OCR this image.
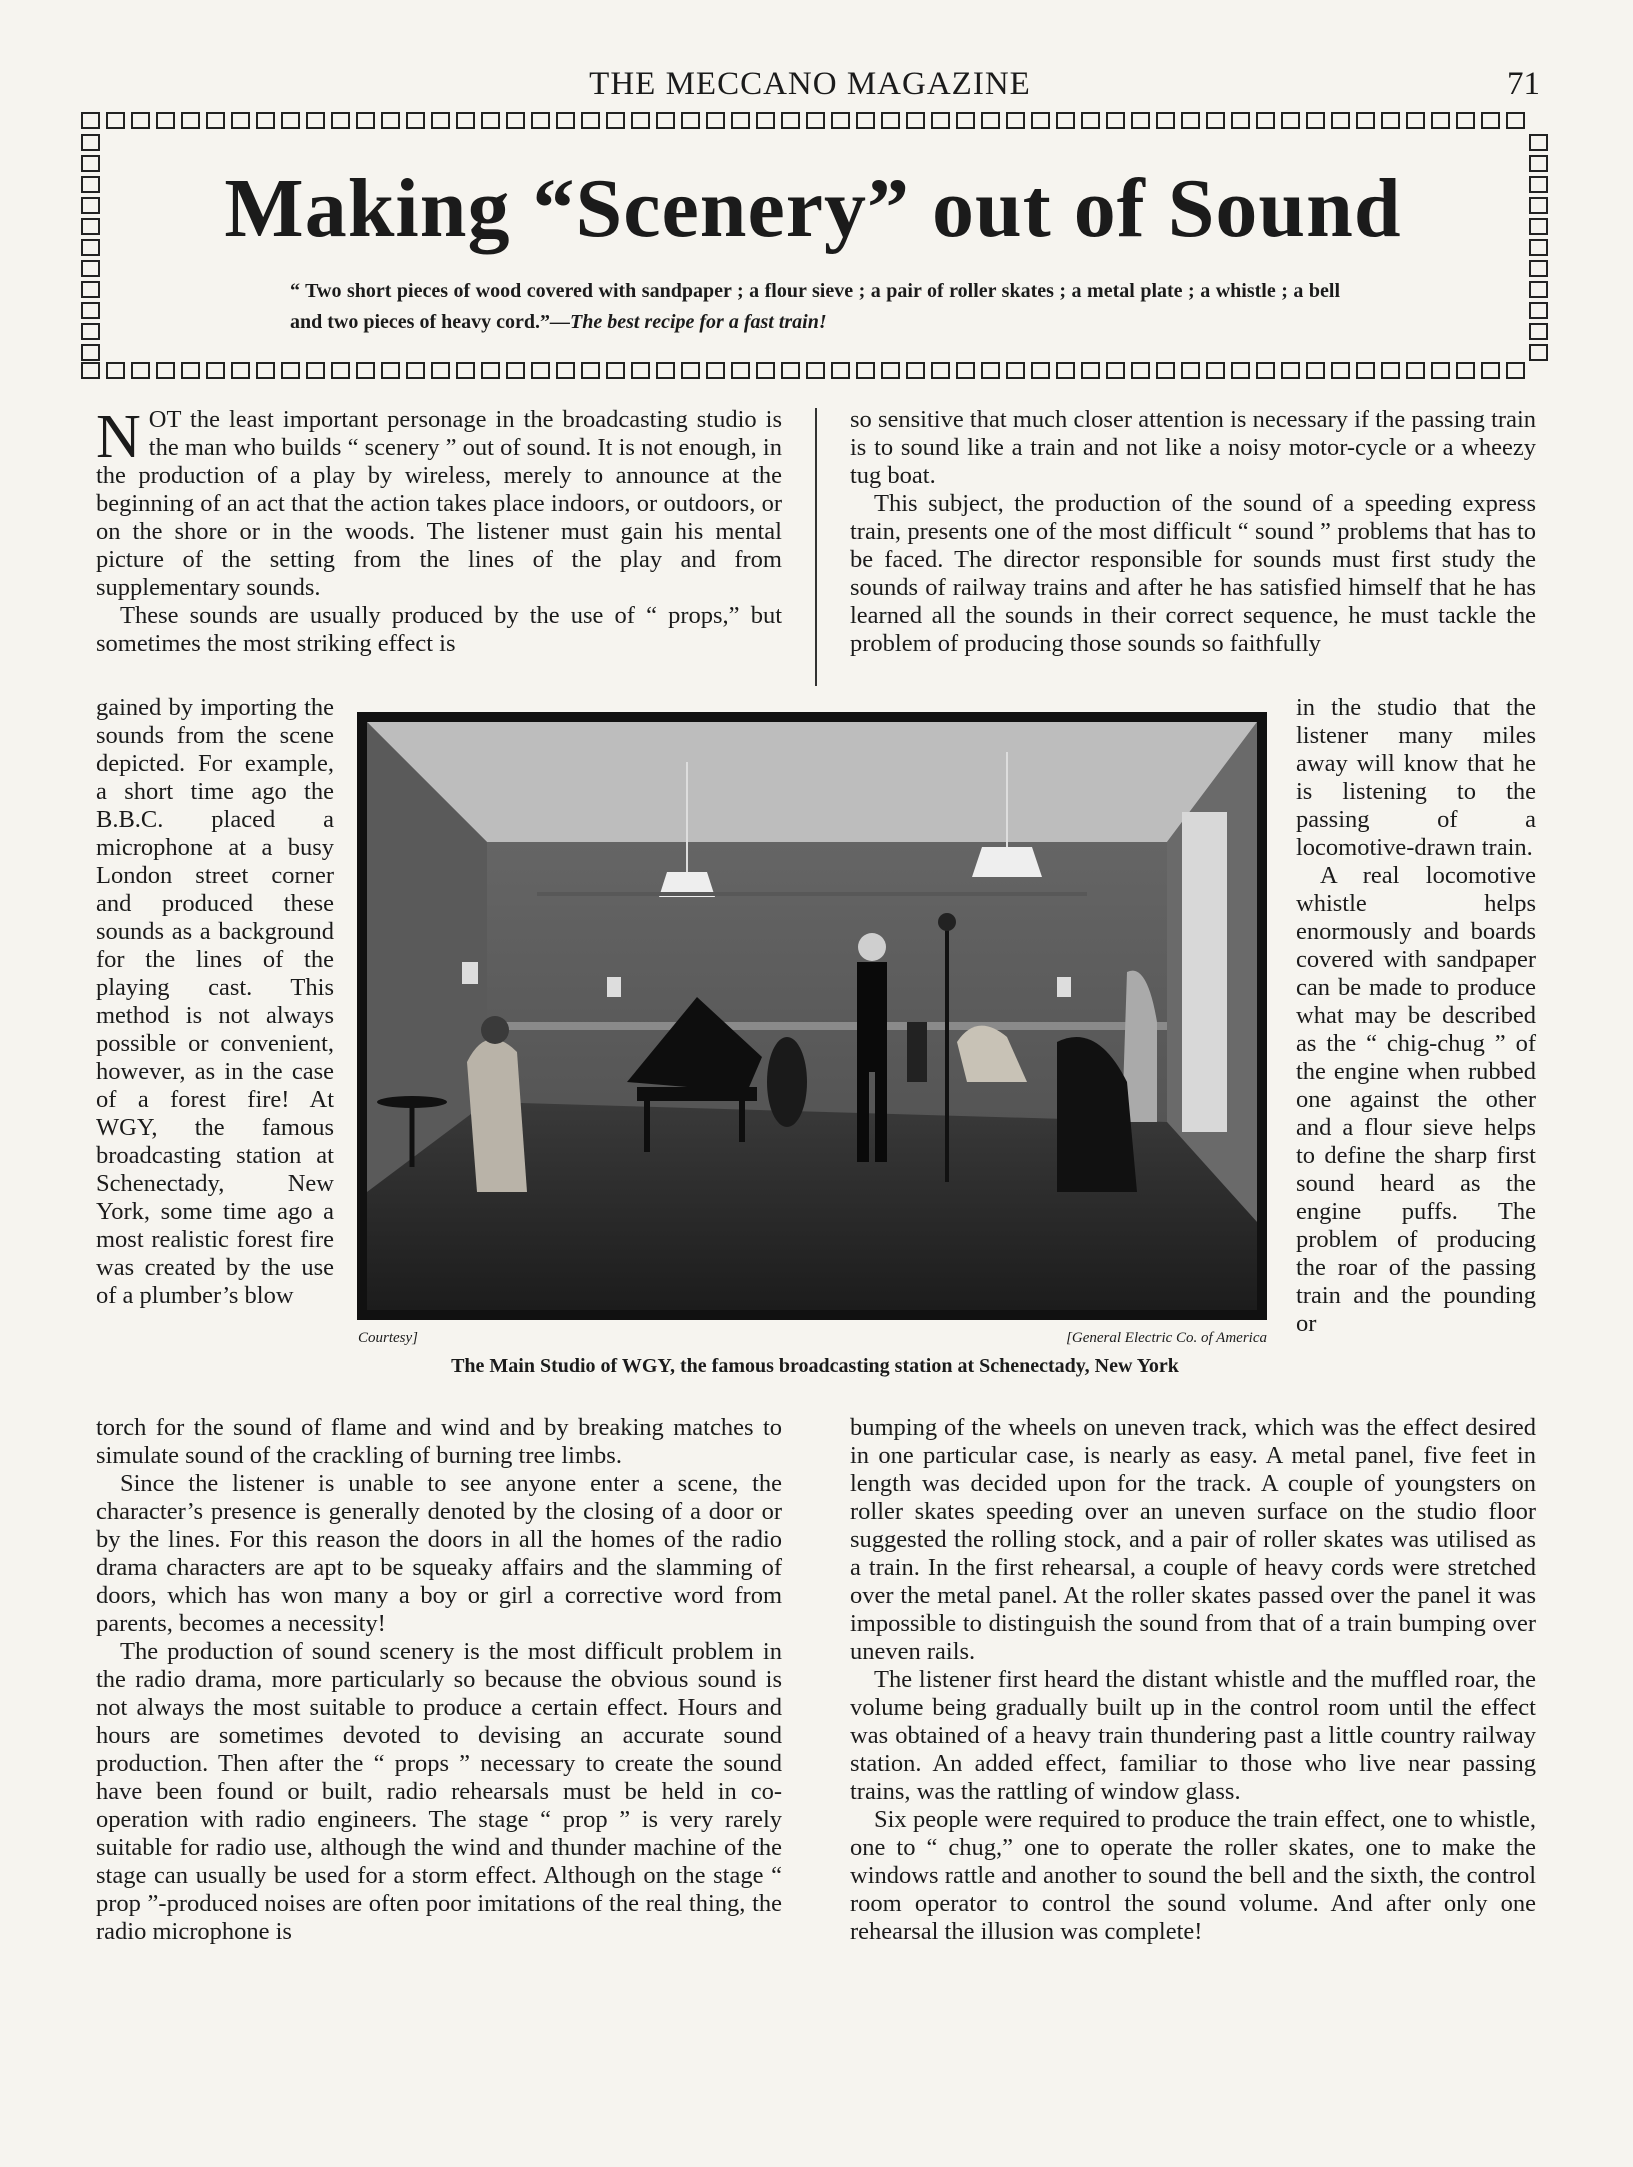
THE MECCANO MAGAZINE	71
Making “Scenery” out of Sound
“ Two short pieces of wood covered with sandpaper ; a flour sieve ; a pair of roller skates ; a metal plate ; a whistle ; a bell and two pieces of heavy cord.”—The best recipe for a fast train!

NOT the least important personage in the broadcasting studio is the man who builds “ scenery ” out of sound. It is not enough, in the production of a play by wireless, merely to announce at the beginning of an act that the action takes place indoors, or outdoors, or on the shore or in the woods. The listener must gain his mental picture of the setting from the lines of the play and from supplementary sounds.

These sounds are usually produced by the use of “ props,” but sometimes the most striking effect is

gained by importing the sounds from the scene depicted. For example, a short time ago the B.B.C. placed a microphone at a busy London street corner and produced these sounds as a background for the lines of the playing cast. This method is not always possible or convenient, however, as in the case of a forest fire! At WGY, the famous broadcasting station at Schenectady, New York, some time ago a most realistic forest fire was created by the use of a plumber’s blow

so sensitive that much closer attention is necessary if the passing train is to sound like a train and not like a noisy motor-cycle or a wheezy tug boat.

This subject, the production of the sound of a speeding express train, presents one of the most difficult “ sound ” problems that has to be faced. The director responsible for sounds must first study the sounds of railway trains and after he has satisfied himself that he has learned all the sounds in their correct sequence, he must tackle the problem of producing those sounds so faithfully

in the studio that the listener many miles away will know that he is listening to the passing of a locomotive-drawn train.

A real locomotive whistle helps enormously and boards covered with sandpaper can be made to produce what may be described as the “ chig-chug ” of the engine when rubbed one against the other and a flour sieve helps to define the sharp first sound heard as the engine puffs. The problem of producing the roar of the passing train and the pounding or

Courtesy]	[General Electric Co. of America
The Main Studio of WGY, the famous broadcasting station at Schenectady, New York

torch for the sound of flame and wind and by breaking matches to simulate sound of the crackling of burning tree limbs.

Since the listener is unable to see anyone enter a scene, the character’s presence is generally denoted by the closing of a door or by the lines. For this reason the doors in all the homes of the radio drama characters are apt to be squeaky affairs and the slamming of doors, which has won many a boy or girl a corrective word from parents, becomes a necessity!

The production of sound scenery is the most difficult problem in the radio drama, more particularly so because the obvious sound is not always the most suitable to produce a certain effect. Hours and hours are sometimes devoted to devising an accurate sound production. Then after the “ props ” necessary to create the sound have been found or built, radio rehearsals must be held in co-operation with radio engineers. The stage “ prop ” is very rarely suitable for radio use, although the wind and thunder machine of the stage can usually be used for a storm effect. Although on the stage “ prop ”-produced noises are often poor imitations of the real thing, the radio microphone is

bumping of the wheels on uneven track, which was the effect desired in one particular case, is nearly as easy. A metal panel, five feet in length was decided upon for the track. A couple of youngsters on roller skates speeding over an uneven surface on the studio floor suggested the rolling stock, and a pair of roller skates was utilised as a train. In the first rehearsal, a couple of heavy cords were stretched over the metal panel. At the roller skates passed over the panel it was impossible to distinguish the sound from that of a train bumping over uneven rails.

The listener first heard the distant whistle and the muffled roar, the volume being gradually built up in the control room until the effect was obtained of a heavy train thundering past a little country railway station. An added effect, familiar to those who live near passing trains, was the rattling of window glass.

Six people were required to produce the train effect, one to whistle, one to “ chug,” one to operate the roller skates, one to make the windows rattle and another to sound the bell and the sixth, the control room operator to control the sound volume. And after only one rehearsal the illusion was complete!
